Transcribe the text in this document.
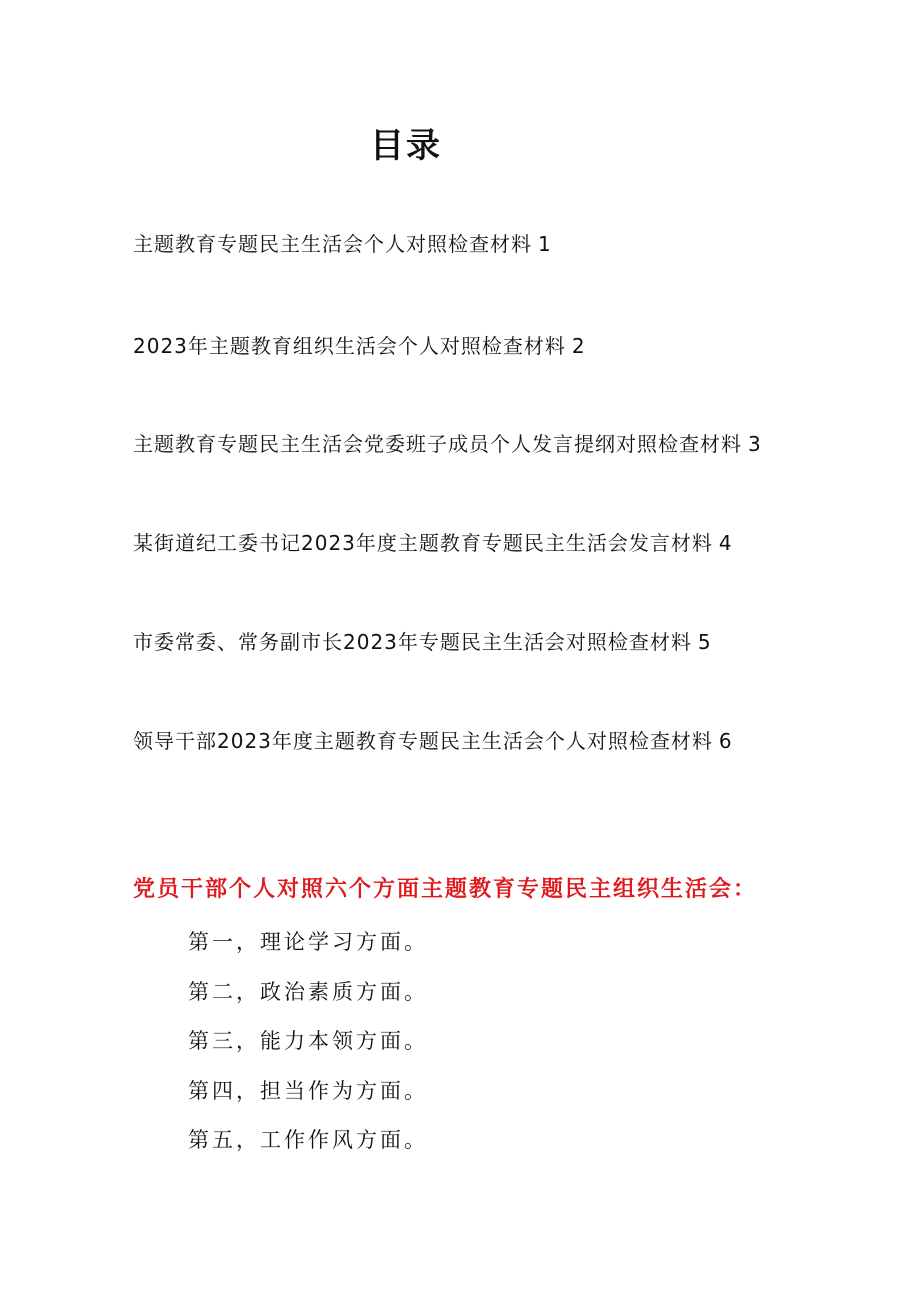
目录
主题教育专题民主生活会个人对照检查材料 1
2023年主题教育组织生活会个人对照检查材料 2
主题教育专题民主生活会党委班子成员个人发言提纲对照检查材料 3
某街道纪工委书记2023年度主题教育专题民主生活会发言材料 4
市委常委、常务副市长2023年专题民主生活会对照检查材料 5
领导干部2023年度主题教育专题民主生活会个人对照检查材料 6
党员干部个人对照六个方面主题教育专题民主组织生活会：
第一，理论学习方面。
第二，政治素质方面。
第三，能力本领方面。
第四，担当作为方面。
第五，工作作风方面。
